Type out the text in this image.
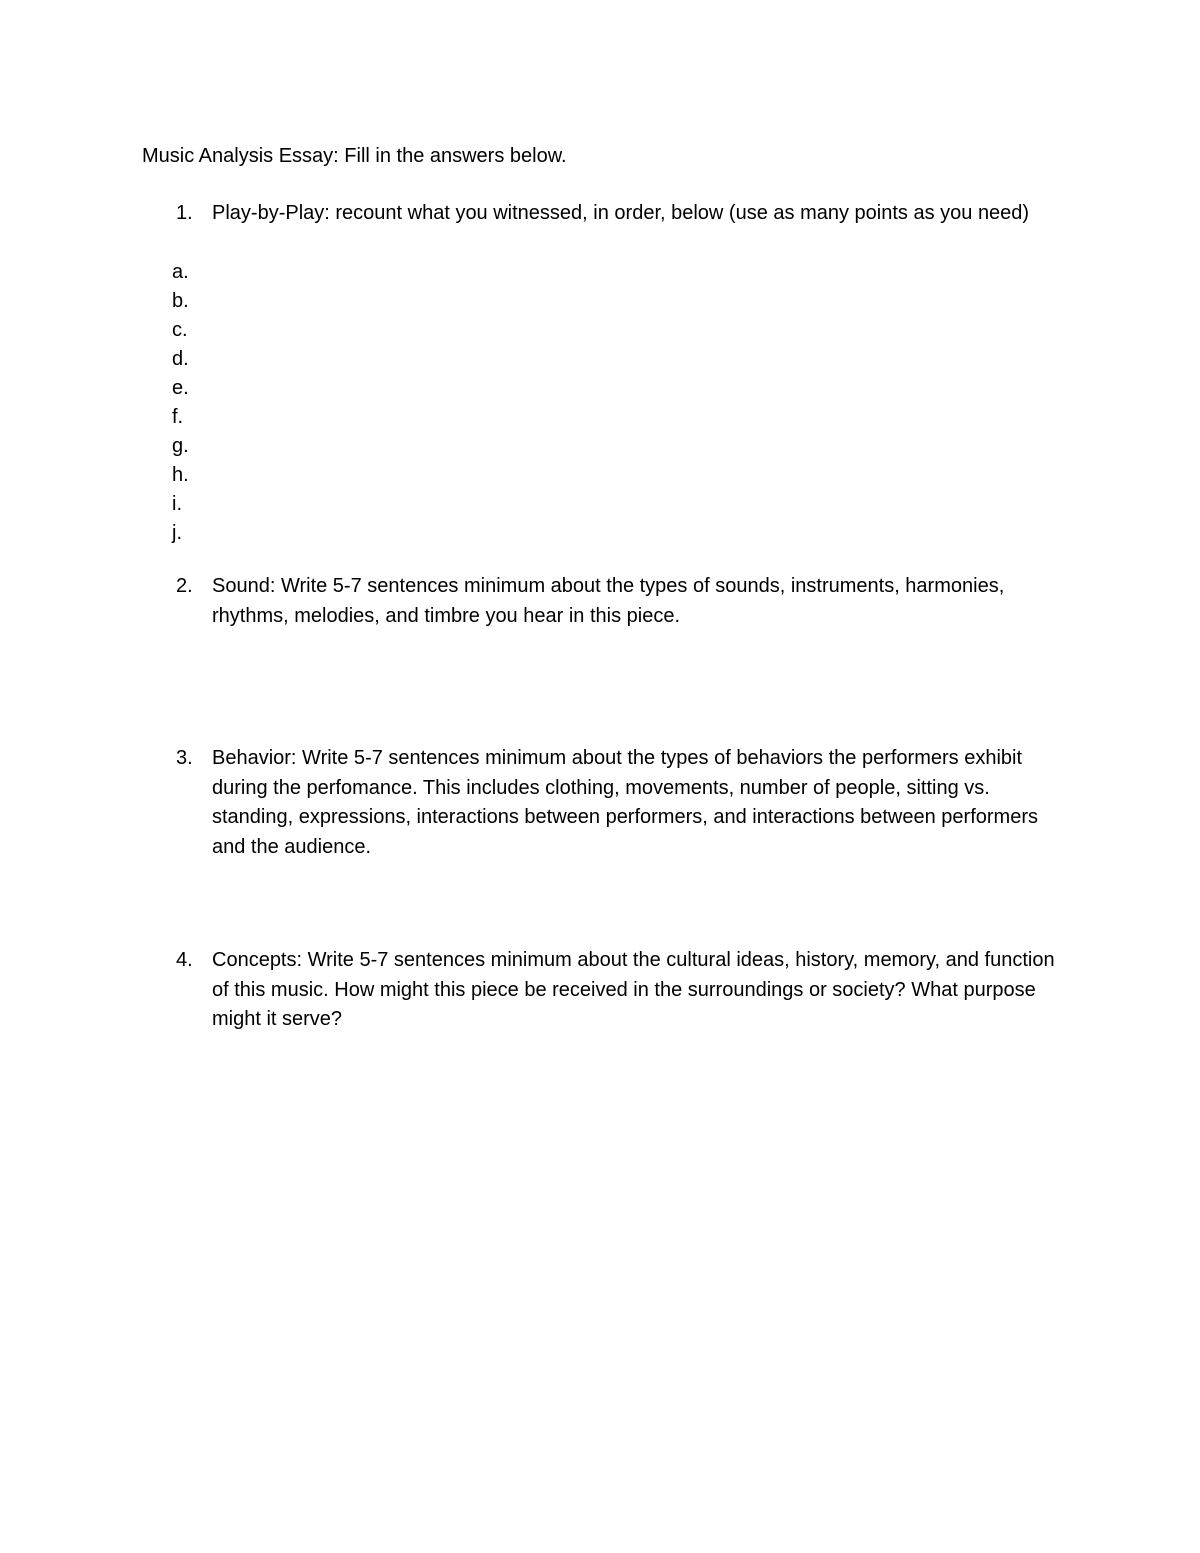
Music Analysis Essay: Fill in the answers below.
1. Play-by-Play: recount what you witnessed, in order, below (use as many points as you need)
a.
b.
c.
d.
e.
f.
g.
h.
i.
j.
2. Sound: Write 5-7 sentences minimum about the types of sounds, instruments, harmonies, rhythms, melodies, and timbre you hear in this piece.
3. Behavior: Write 5-7 sentences minimum about the types of behaviors the performers exhibit during the perfomance. This includes clothing, movements, number of people, sitting vs. standing, expressions, interactions between performers, and interactions between performers and the audience.
4. Concepts: Write 5-7 sentences minimum about the cultural ideas, history, memory, and function of this music. How might this piece be received in the surroundings or society? What purpose might it serve?
